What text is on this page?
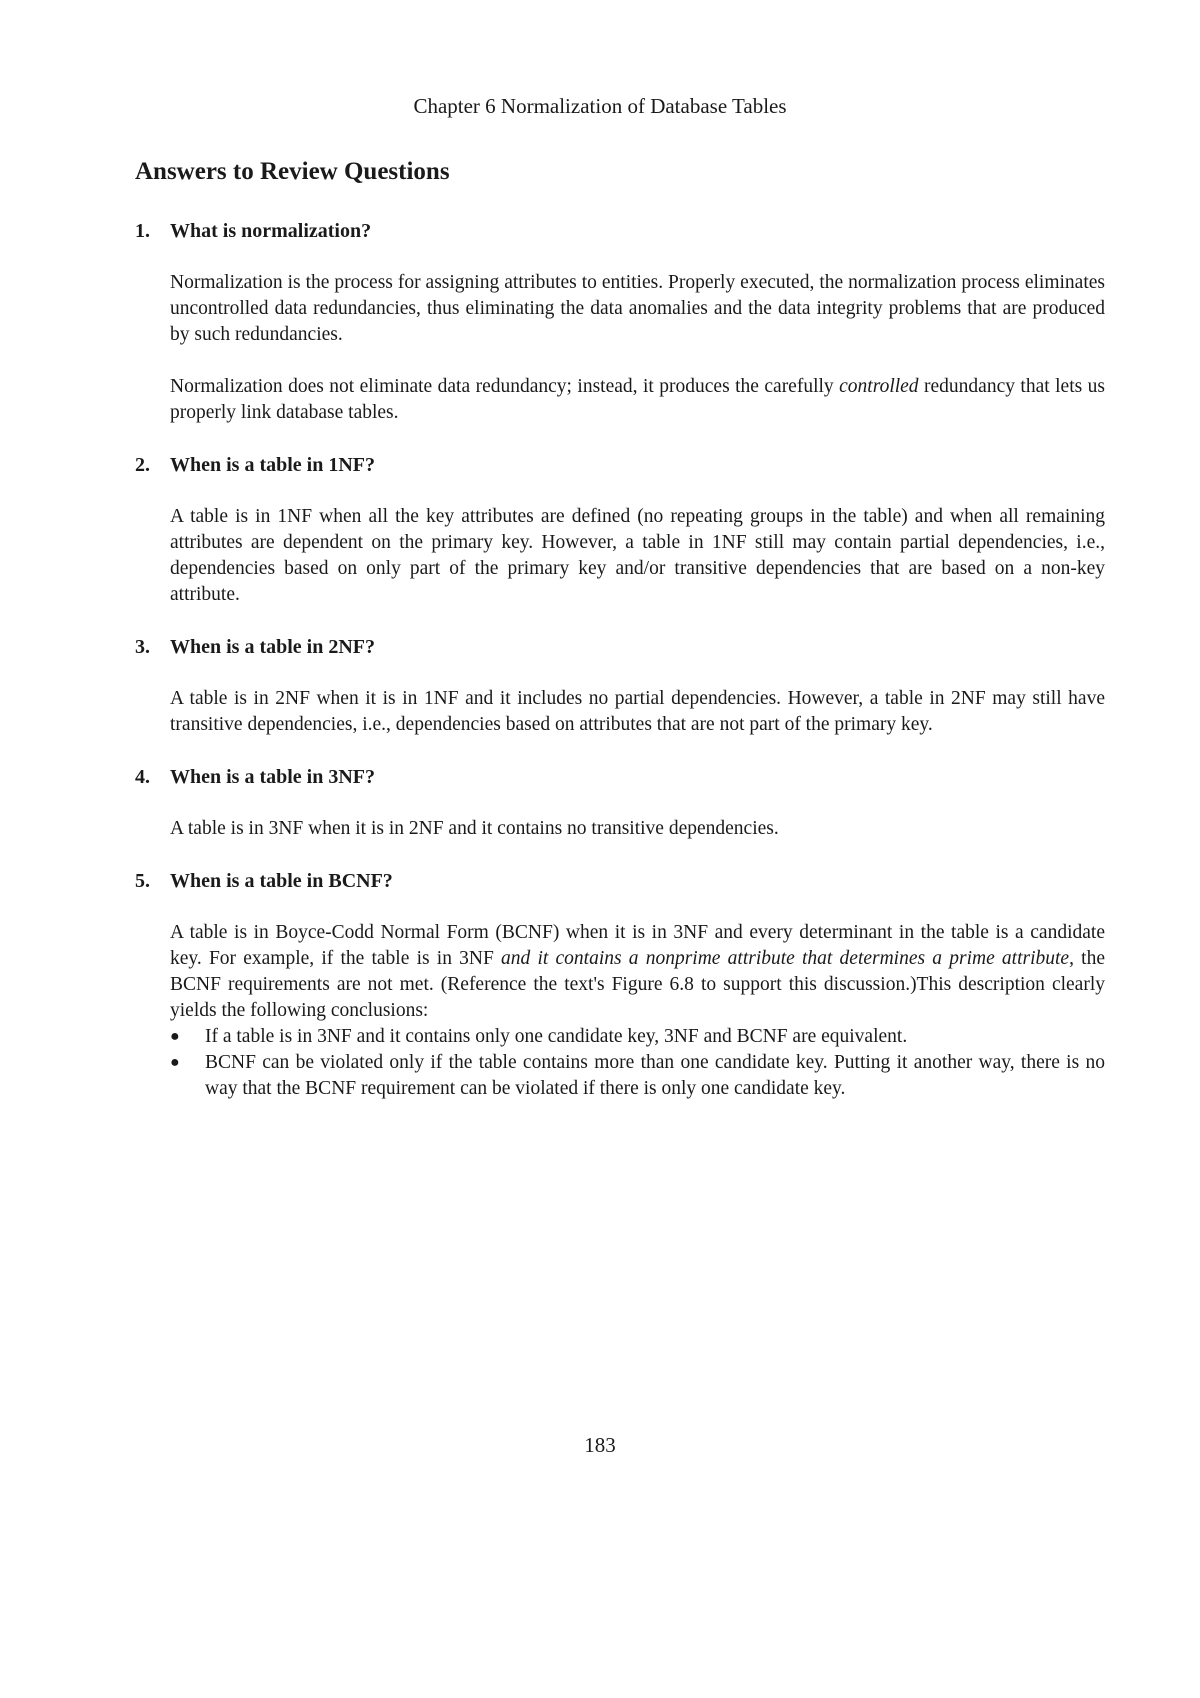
Chapter 6 Normalization of Database Tables
Answers to Review Questions
1.	What is normalization?

Normalization is the process for assigning attributes to entities. Properly executed, the normalization process eliminates uncontrolled data redundancies, thus eliminating the data anomalies and the data integrity problems that are produced by such redundancies.

Normalization does not eliminate data redundancy; instead, it produces the carefully controlled redundancy that lets us properly link database tables.

2.	When is a table in 1NF?

A table is in 1NF when all the key attributes are defined (no repeating groups in the table) and when all remaining attributes are dependent on the primary key. However, a table in 1NF still may contain partial dependencies, i.e., dependencies based on only part of the primary key and/or transitive dependencies that are based on a non-key attribute.

3.	When is a table in 2NF?

A table is in 2NF when it is in 1NF and it includes no partial dependencies. However, a table in 2NF may still have transitive dependencies, i.e., dependencies based on attributes that are not part of the primary key.

4.	When is a table in 3NF?

A table is in 3NF when it is in 2NF and it contains no transitive dependencies.

5.	When is a table in BCNF?

A table is in Boyce-Codd Normal Form (BCNF) when it is in 3NF and every determinant in the table is a candidate key. For example, if the table is in 3NF and it contains a nonprime attribute that determines a prime attribute, the BCNF requirements are not met. (Reference the text's Figure 6.8 to support this discussion.)This description clearly yields the following conclusions:

●	If a table is in 3NF and it contains only one candidate key, 3NF and BCNF are equivalent.
●	BCNF can be violated only if the table contains more than one candidate key. Putting it another way, there is no way that the BCNF requirement can be violated if there is only one candidate key.
183
